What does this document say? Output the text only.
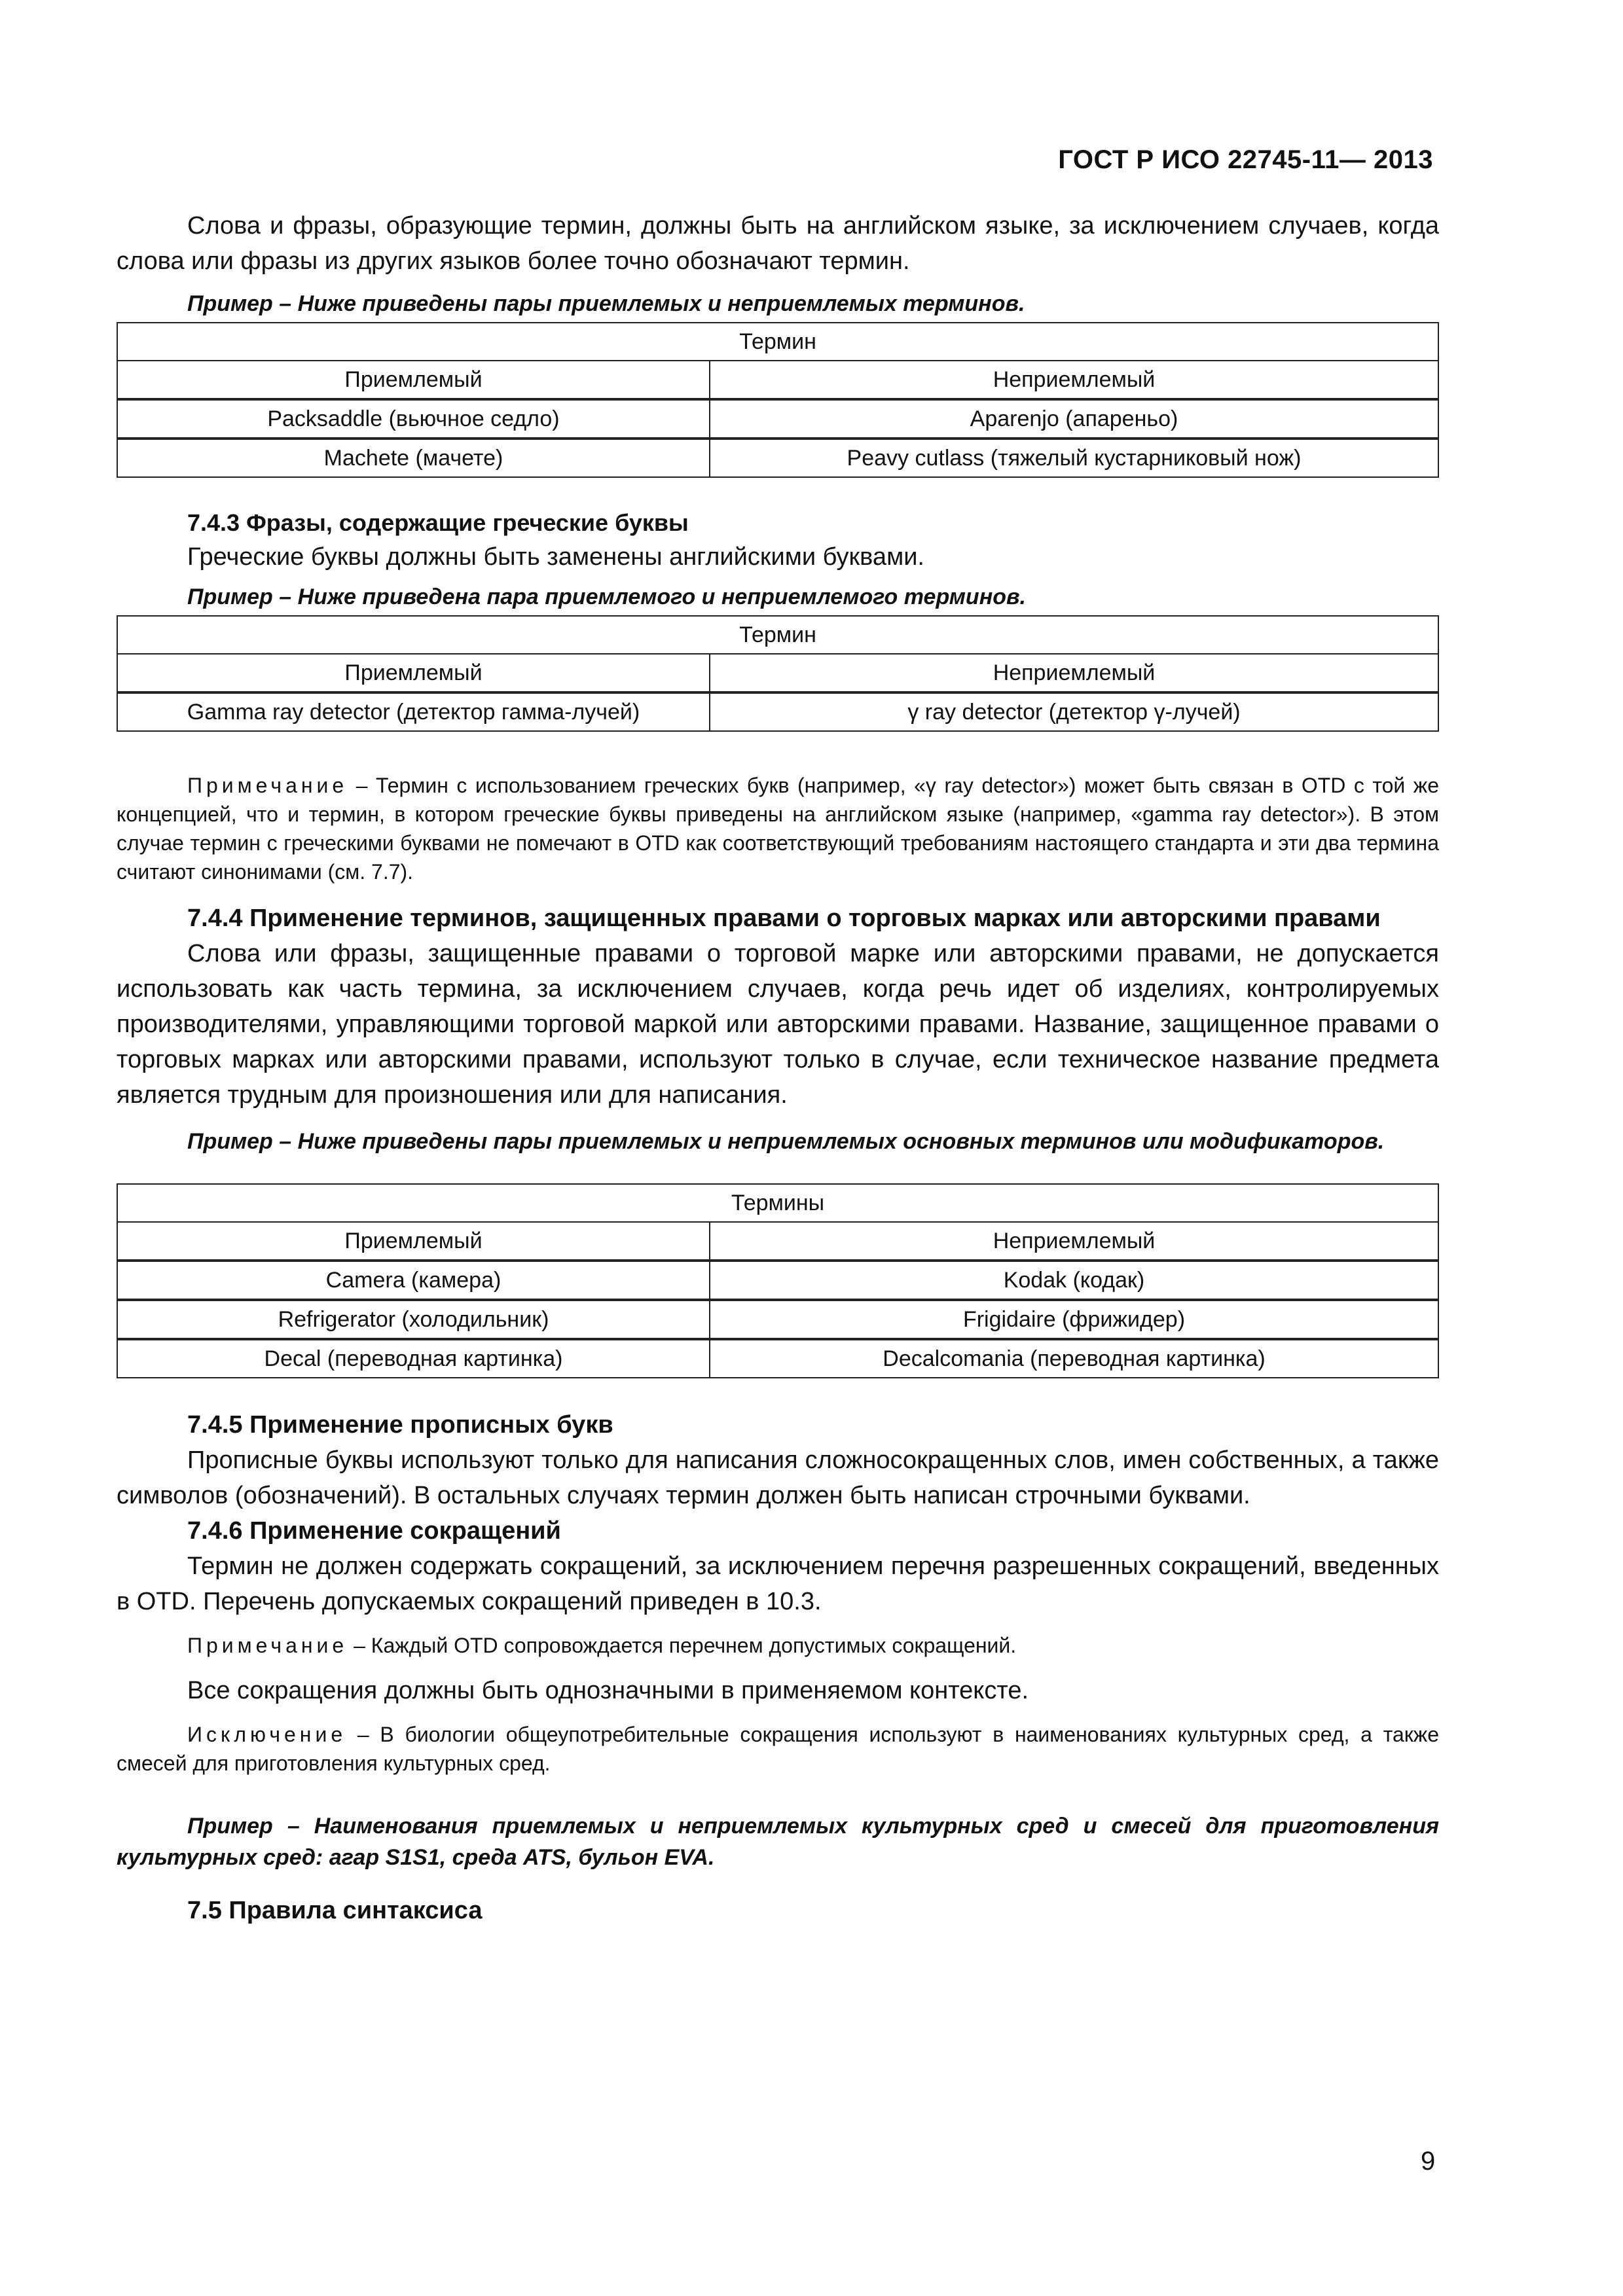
ГОСТ Р ИСО 22745-11— 2013

Слова и фразы, образующие термин, должны быть на английском языке, за исключением случаев, когда слова или фразы из других языков более точно обозначают термин.

Пример – Ниже приведены пары приемлемых и неприемлемых терминов.

Термин	
Приемлемый	Неприемлемый
Packsaddle (вьючное седло)	Aparenjo (апареньо)
Machete (мачете)	Peavy cutlass (тяжелый кустарниковый нож)

7.4.3 Фразы, содержащие греческие буквы

Греческие буквы должны быть заменены английскими буквами.

Пример – Ниже приведена пара приемлемого и неприемлемого терминов.

Термин	
Приемлемый	Неприемлемый
Gamma ray detector (детектор гамма-лучей)	γ ray detector (детектор γ-лучей)

Примечание – Термин с использованием греческих букв (например, «γ ray detector») может быть связан в OTD с той же концепцией, что и термин, в котором греческие буквы приведены на английском языке (например, «gamma ray detector»). В этом случае термин с греческими буквами не помечают в OTD как соответствующий требованиям настоящего стандарта и эти два термина считают синонимами (см. 7.7).

7.4.4 Применение терминов, защищенных правами о торговых марках или авторскими правами

Слова или фразы, защищенные правами о торговой марке или авторскими правами, не допускается использовать как часть термина, за исключением случаев, когда речь идет об изделиях, контролируемых производителями, управляющими торговой маркой или авторскими правами. Название, защищенное правами о торговых марках или авторскими правами, используют только в случае, если техническое название предмета является трудным для произношения или для написания.

Пример – Ниже приведены пары приемлемых и неприемлемых основных терминов или модификаторов.

Термины	
Приемлемый	Неприемлемый
Camera (камера)	Kodak (кодак)
Refrigerator (холодильник)	Frigidaire (фрижидер)
Decal (переводная картинка)	Decalcomania (переводная картинка)

7.4.5 Применение прописных букв

Прописные буквы используют только для написания сложносокращенных слов, имен собственных, а также символов (обозначений). В остальных случаях термин должен быть написан строчными буквами.

7.4.6 Применение сокращений

Термин не должен содержать сокращений, за исключением перечня разрешенных сокращений, введенных в OTD. Перечень допускаемых сокращений приведен в 10.3.

Примечание – Каждый OTD сопровождается перечнем допустимых сокращений.

Все сокращения должны быть однозначными в применяемом контексте.

Исключение – В биологии общеупотребительные сокращения используют в наименованиях культурных сред, а также смесей для приготовления культурных сред.

Пример – Наименования приемлемых и неприемлемых культурных сред и смесей для приготовления культурных сред: агар S1S1, среда ATS, бульон EVA.

7.5 Правила синтаксиса

9
